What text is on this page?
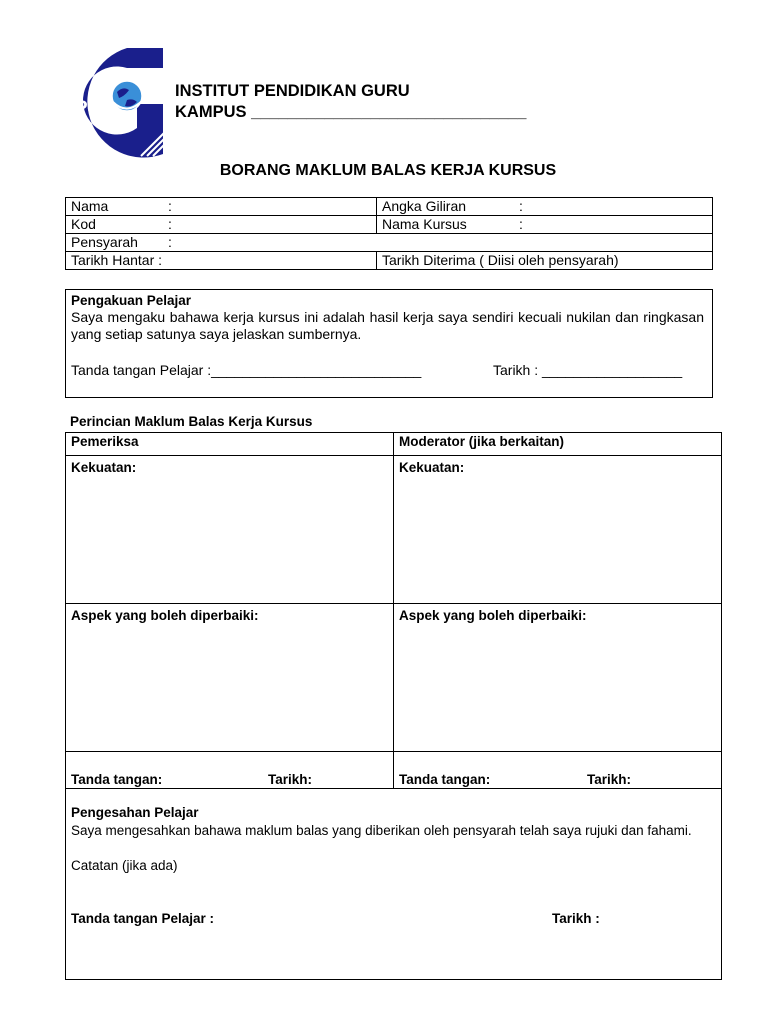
IPG
INSTITUT PENDIDIKAN GURU
KAMPUS ______________________________
BORANG MAKLUM BALAS KERJA KURSUS
Nama :	Angka Giliran :
Kod :	Nama Kursus :
Pensyarah :	
Tarikh Hantar :	Tarikh Diterima ( Diisi oleh pensyarah)
Pengakuan Pelajar
Saya mengaku bahawa kerja kursus ini adalah hasil kerja saya sendiri kecuali nukilan dan ringkasan yang setiap satunya saya jelaskan sumbernya.
Tanda tangan Pelajar :___________________________	Tarikh : __________________
Perincian Maklum Balas Kerja Kursus
Pemeriksa	Moderator (jika berkaitan)
Kekuatan:	Kekuatan:
Aspek yang boleh diperbaiki:	Aspek yang boleh diperbaiki:
Tanda tangan: Tarikh:	Tanda tangan: Tarikh:

Pengesahan Pelajar
Saya mengesahkan bahawa maklum balas yang diberikan oleh pensyarah telah saya rujuki dan fahami.
Catatan (jika ada)
Tanda tangan Pelajar : Tarikh :	
